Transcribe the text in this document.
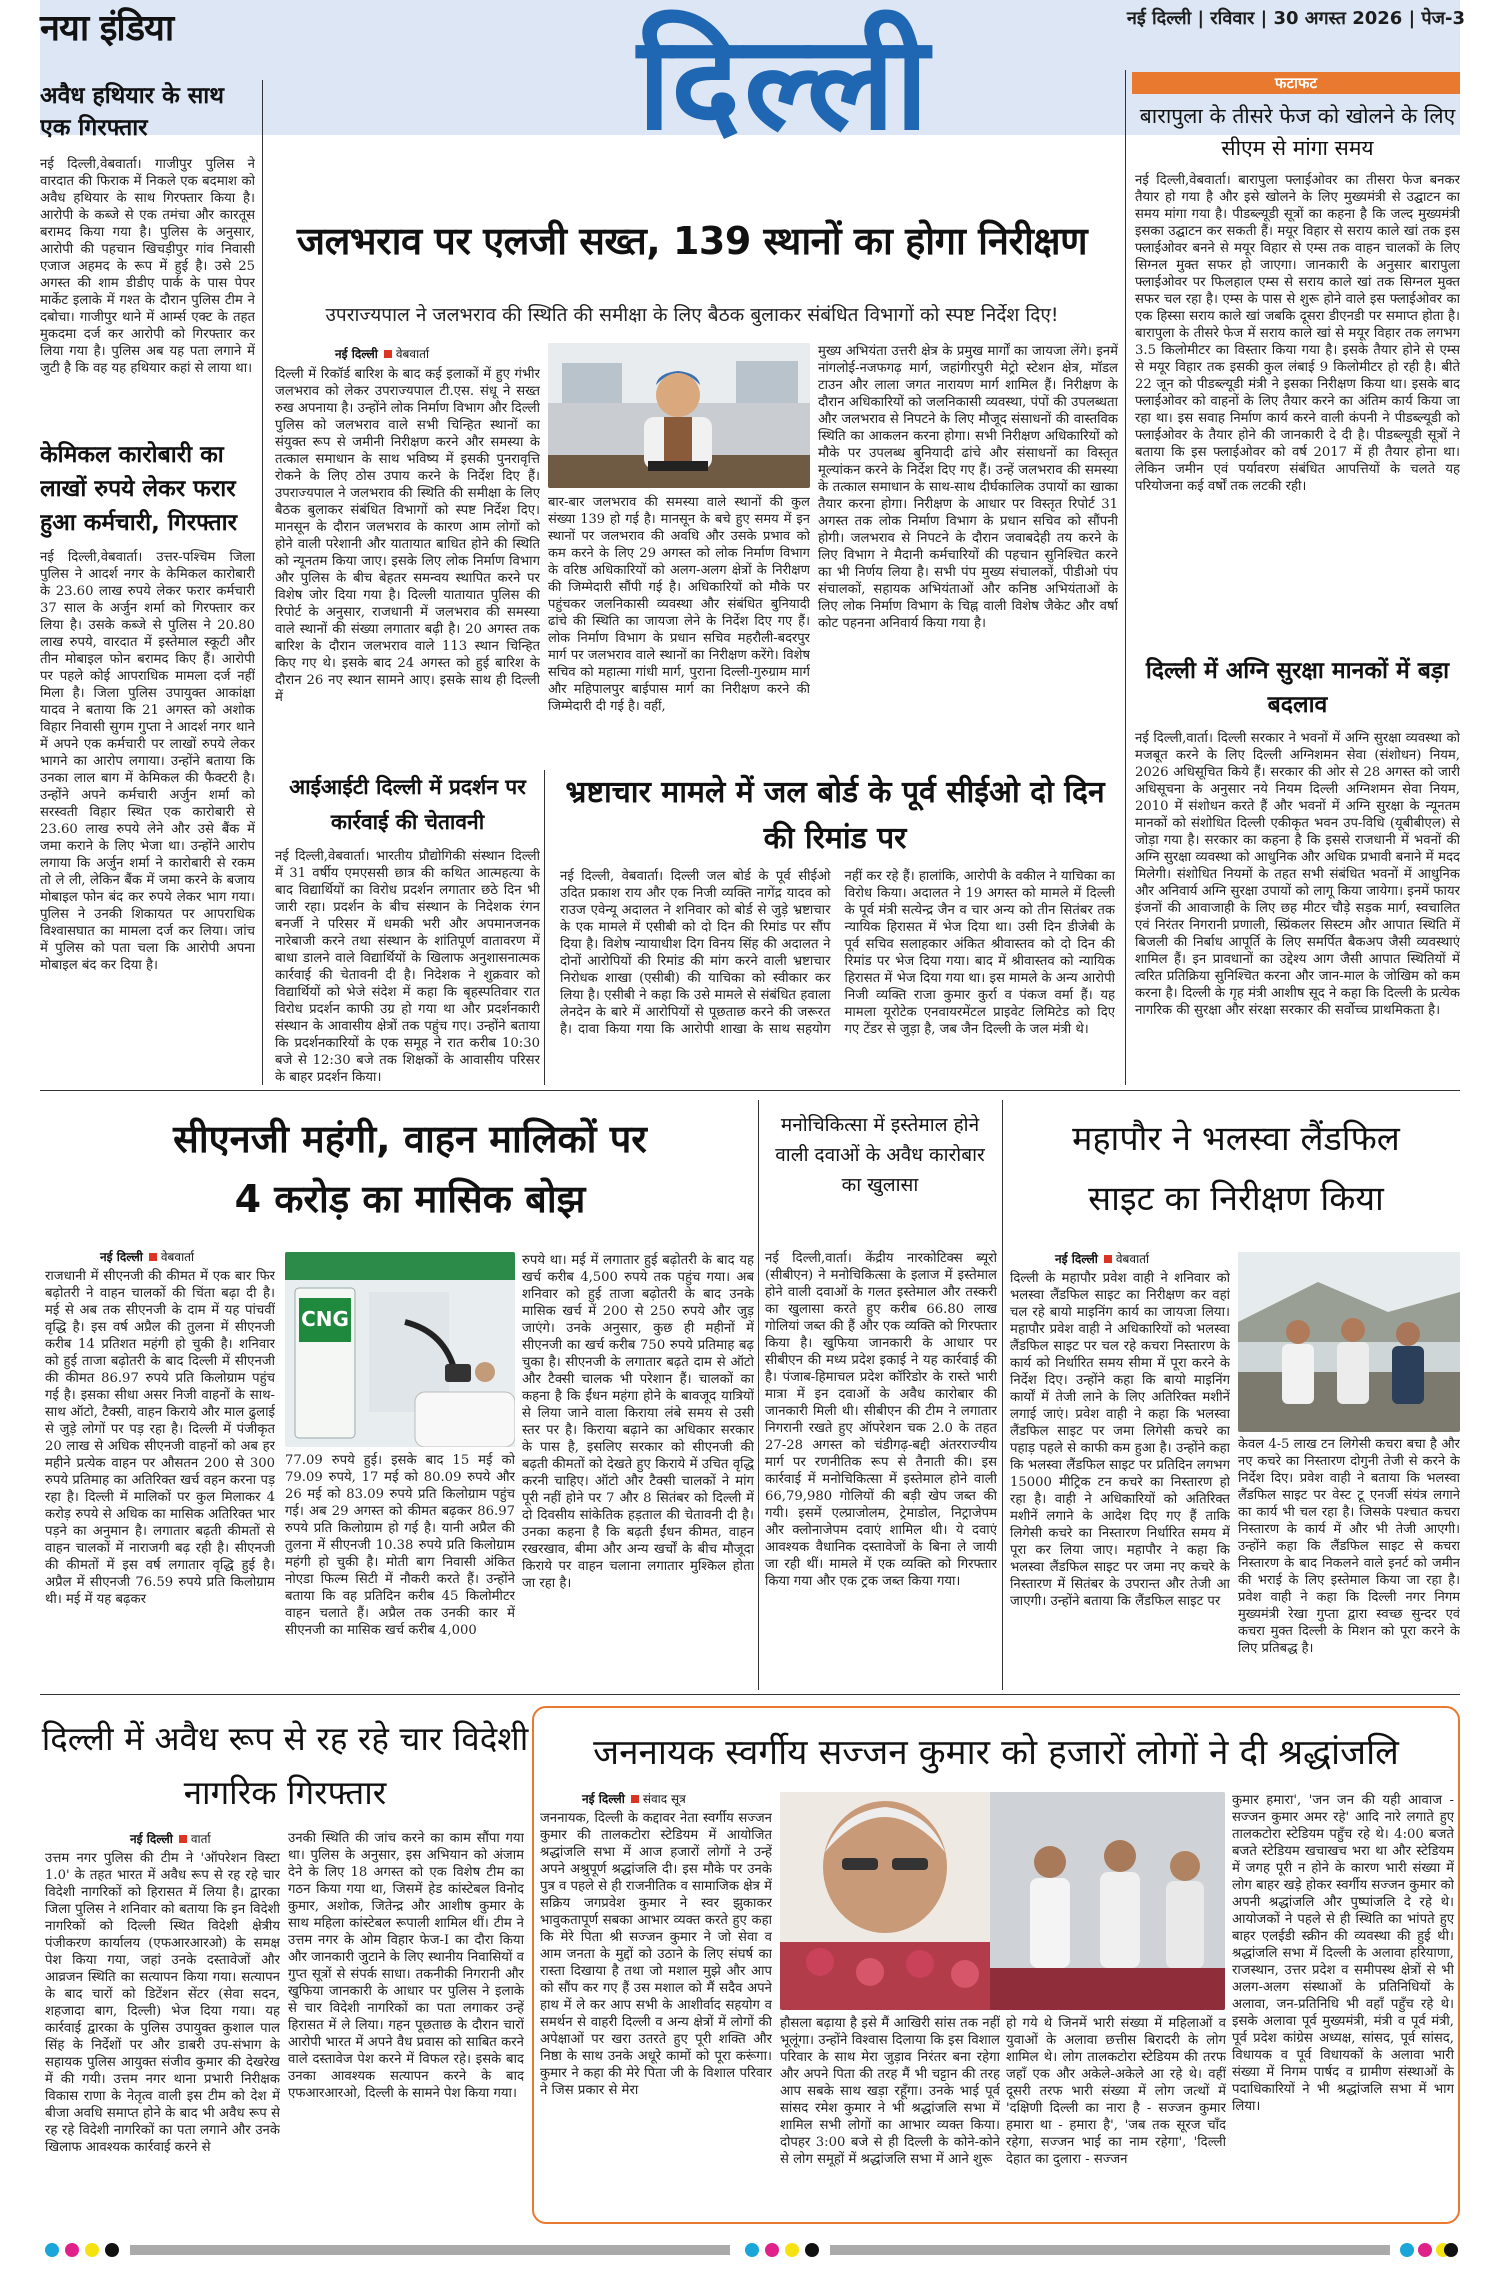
नया इंडिया	नई दिल्ली | रविवार | 30 अगस्त 2026 | पेज-3
दिल्ली
अवैध हथियार के साथ एक गिरफ्तार
नई दिल्ली,वेबवार्ता। गाजीपुर पुलिस ने वारदात की फिराक में निकले एक बदमाश को अवैध हथियार के साथ गिरफ्तार किया है। आरोपी के कब्जे से एक तमंचा और कारतूस बरामद किया गया है। पुलिस के अनुसार, आरोपी की पहचान खिचड़ीपुर गांव निवासी एजाज अहमद के रूप में हुई है। उसे 25 अगस्त की शाम डीडीए पार्क के पास पेपर मार्केट इलाके में गश्त के दौरान पुलिस टीम ने दबोचा। गाजीपुर थाने में आर्म्स एक्ट के तहत मुकदमा दर्ज कर आरोपी को गिरफ्तार कर लिया गया है। पुलिस अब यह पता लगाने में जुटी है कि वह यह हथियार कहां से लाया था।
केमिकल कारोबारी का लाखों रुपये लेकर फरार हुआ कर्मचारी, गिरफ्तार
नई दिल्ली,वेबवार्ता। उत्तर-पश्चिम जिला पुलिस ने आदर्श नगर के केमिकल कारोबारी के 23.60 लाख रुपये लेकर फरार कर्मचारी 37 साल के अर्जुन शर्मा को गिरफ्तार कर लिया है। उसके कब्जे से पुलिस ने 20.80 लाख रुपये, वारदात में इस्तेमाल स्कूटी और तीन मोबाइल फोन बरामद किए हैं। आरोपी पर पहले कोई आपराधिक मामला दर्ज नहीं मिला है। जिला पुलिस उपायुक्त आकांक्षा यादव ने बताया कि 21 अगस्त को अशोक विहार निवासी सुगम गुप्ता ने आदर्श नगर थाने में अपने एक कर्मचारी पर लाखों रुपये लेकर भागने का आरोप लगाया। उन्होंने बताया कि उनका लाल बाग में केमिकल की फैक्टरी है। उन्होंने अपने कर्मचारी अर्जुन शर्मा को सरस्वती विहार स्थित एक कारोबारी से 23.60 लाख रुपये लेने और उसे बैंक में जमा कराने के लिए भेजा था। उन्होंने आरोप लगाया कि अर्जुन शर्मा ने कारोबारी से रकम तो ले ली, लेकिन बैंक में जमा करने के बजाय मोबाइल फोन बंद कर रुपये लेकर भाग गया। पुलिस ने उनकी शिकायत पर आपराधिक विश्वासघात का मामला दर्ज कर लिया। जांच में पुलिस को पता चला कि आरोपी अपना मोबाइल बंद कर दिया है।
जलभराव पर एलजी सख्त, 139 स्थानों का होगा निरीक्षण
उपराज्यपाल ने जलभराव की स्थिति की समीक्षा के लिए बैठक बुलाकर संबंधित विभागों को स्पष्ट निर्देश दिए!
नई दिल्ली वेबवार्ता
दिल्ली में रिकॉर्ड बारिश के बाद कई इलाकों में हुए गंभीर जलभराव को लेकर उपराज्यपाल टी.एस. संधू ने सख्त रुख अपनाया है। उन्होंने लोक निर्माण विभाग और दिल्ली पुलिस को जलभराव वाले सभी चिन्हित स्थानों का संयुक्त रूप से जमीनी निरीक्षण करने और समस्या के तत्काल समाधान के साथ भविष्य में इसकी पुनरावृत्ति रोकने के लिए ठोस उपाय करने के निर्देश दिए हैं। उपराज्यपाल ने जलभराव की स्थिति की समीक्षा के लिए बैठक बुलाकर संबंधित विभागों को स्पष्ट निर्देश दिए। मानसून के दौरान जलभराव के कारण आम लोगों को होने वाली परेशानी और यातायात बाधित होने की स्थिति को न्यूनतम किया जाए। इसके लिए लोक निर्माण विभाग और पुलिस के बीच बेहतर समन्वय स्थापित करने पर विशेष जोर दिया गया है। दिल्ली यातायात पुलिस की रिपोर्ट के अनुसार, राजधानी में जलभराव की समस्या वाले स्थानों की संख्या लगातार बढ़ी है। 20 अगस्त तक बारिश के दौरान जलभराव वाले 113 स्थान चिन्हित किए गए थे। इसके बाद 24 अगस्त को हुई बारिश के दौरान 26 नए स्थान सामने आए। इसके साथ ही दिल्ली में
बार-बार जलभराव की समस्या वाले स्थानों की कुल संख्या 139 हो गई है। मानसून के बचे हुए समय में इन स्थानों पर जलभराव की अवधि और उसके प्रभाव को कम करने के लिए 29 अगस्त को लोक निर्माण विभाग के वरिष्ठ अधिकारियों को अलग-अलग क्षेत्रों के निरीक्षण की जिम्मेदारी सौंपी गई है। अधिकारियों को मौके पर पहुंचकर जलनिकासी व्यवस्था और संबंधित बुनियादी ढांचे की स्थिति का जायजा लेने के निर्देश दिए गए हैं। लोक निर्माण विभाग के प्रधान सचिव महरौली-बदरपुर मार्ग पर जलभराव वाले स्थानों का निरीक्षण करेंगे। विशेष सचिव को महात्मा गांधी मार्ग, पुराना दिल्ली-गुरुग्राम मार्ग और महिपालपुर बाईपास मार्ग का निरीक्षण करने की जिम्मेदारी दी गई है। वहीं,
मुख्य अभियंता उत्तरी क्षेत्र के प्रमुख मार्गों का जायजा लेंगे। इनमें नांगलोई-नजफगढ़ मार्ग, जहांगीरपुरी मेट्रो स्टेशन क्षेत्र, मॉडल टाउन और लाला जगत नारायण मार्ग शामिल हैं। निरीक्षण के दौरान अधिकारियों को जलनिकासी व्यवस्था, पंपों की उपलब्धता और जलभराव से निपटने के लिए मौजूद संसाधनों की वास्तविक स्थिति का आकलन करना होगा। सभी निरीक्षण अधिकारियों को मौके पर उपलब्ध बुनियादी ढांचे और संसाधनों का विस्तृत मूल्यांकन करने के निर्देश दिए गए हैं। उन्हें जलभराव की समस्या के तत्काल समाधान के साथ-साथ दीर्घकालिक उपायों का खाका तैयार करना होगा। निरीक्षण के आधार पर विस्तृत रिपोर्ट 31 अगस्त तक लोक निर्माण विभाग के प्रधान सचिव को सौंपनी होगी। जलभराव से निपटने के दौरान जवाबदेही तय करने के लिए विभाग ने मैदानी कर्मचारियों की पहचान सुनिश्चित करने का भी निर्णय लिया है। सभी पंप मुख्य संचालकों, पीडीओ पंप संचालकों, सहायक अभियंताओं और कनिष्ठ अभियंताओं के लिए लोक निर्माण विभाग के चिह्न वाली विशेष जैकेट और वर्षा कोट पहनना अनिवार्य किया गया है।
आईआईटी दिल्ली में प्रदर्शन पर कार्रवाई की चेतावनी
नई दिल्ली,वेबवार्ता। भारतीय प्रौद्योगिकी संस्थान दिल्ली में 31 वर्षीय एमएससी छात्र की कथित आत्महत्या के बाद विद्यार्थियों का विरोध प्रदर्शन लगातार छठे दिन भी जारी रहा। प्रदर्शन के बीच संस्थान के निदेशक रंगन बनर्जी ने परिसर में धमकी भरी और अपमानजनक नारेबाजी करने तथा संस्थान के शांतिपूर्ण वातावरण में बाधा डालने वाले विद्यार्थियों के खिलाफ अनुशासनात्मक कार्रवाई की चेतावनी दी है। निदेशक ने शुक्रवार को विद्यार्थियों को भेजे संदेश में कहा कि बृहस्पतिवार रात विरोध प्रदर्शन काफी उग्र हो गया था और प्रदर्शनकारी संस्थान के आवासीय क्षेत्रों तक पहुंच गए। उन्होंने बताया कि प्रदर्शनकारियों के एक समूह ने रात करीब 10:30 बजे से 12:30 बजे तक शिक्षकों के आवासीय परिसर के बाहर प्रदर्शन किया।
भ्रष्टाचार मामले में जल बोर्ड के पूर्व सीईओ दो दिन की रिमांड पर
नई दिल्ली, वेबवार्ता। दिल्ली जल बोर्ड के पूर्व सीईओ उदित प्रकाश राय और एक निजी व्यक्ति नागेंद्र यादव को राउज एवेन्यू अदालत ने शनिवार को बोर्ड से जुड़े भ्रष्टाचार के एक मामले में एसीबी को दो दिन की रिमांड पर सौंप दिया है। विशेष न्यायाधीश दिग विनय सिंह की अदालत ने दोनों आरोपियों की रिमांड की मांग करने वाली भ्रष्टाचार निरोधक शाखा (एसीबी) की याचिका को स्वीकार कर लिया है। एसीबी ने कहा कि उसे मामले से संबंधित हवाला लेनदेन के बारे में आरोपियों से पूछताछ करने की जरूरत है। दावा किया गया कि आरोपी शाखा के साथ सहयोग नहीं कर रहे हैं। हालांकि, आरोपी के वकील ने याचिका का विरोध किया। अदालत ने 19 अगस्त को मामले में दिल्ली के पूर्व मंत्री सत्येन्द्र जैन व चार अन्य को तीन सितंबर तक न्यायिक हिरासत में भेज दिया था। उसी दिन डीजेबी के पूर्व सचिव सलाहकार अंकित श्रीवास्तव को दो दिन की रिमांड पर भेज दिया गया। बाद में श्रीवास्तव को न्यायिक हिरासत में भेज दिया गया था। इस मामले के अन्य आरोपी निजी व्यक्ति राजा कुमार कुर्रा व पंकज वर्मा हैं। यह मामला यूरोटेक एनवायरमेंटल प्राइवेट लिमिटेड को दिए गए टेंडर से जुड़ा है, जब जैन दिल्ली के जल मंत्री थे।
फटाफट
बारापुला के तीसरे फेज को खोलने के लिए सीएम से मांगा समय
नई दिल्ली,वेबवार्ता। बारापुला फ्लाईओवर का तीसरा फेज बनकर तैयार हो गया है और इसे खोलने के लिए मुख्यमंत्री से उद्घाटन का समय मांगा गया है। पीडब्ल्यूडी सूत्रों का कहना है कि जल्द मुख्यमंत्री इसका उद्घाटन कर सकती हैं। मयूर विहार से सराय काले खां तक इस फ्लाईओवर बनने से मयूर विहार से एम्स तक वाहन चालकों के लिए सिग्नल मुक्त सफर हो जाएगा। जानकारी के अनुसार बारापुला फ्लाईओवर पर फिलहाल एम्स से सराय काले खां तक सिग्नल मुक्त सफर चल रहा है। एम्स के पास से शुरू होने वाले इस फ्लाईओवर का एक हिस्सा सराय काले खां जबकि दूसरा डीएनडी पर समाप्त होता है। बारापुला के तीसरे फेज में सराय काले खां से मयूर विहार तक लगभग 3.5 किलोमीटर का विस्तार किया गया है। इसके तैयार होने से एम्स से मयूर विहार तक इसकी कुल लंबाई 9 किलोमीटर हो रही है। बीते 22 जून को पीडब्ल्यूडी मंत्री ने इसका निरीक्षण किया था। इसके बाद फ्लाईओवर को वाहनों के लिए तैयार करने का अंतिम कार्य किया जा रहा था। इस सवाह निर्माण कार्य करने वाली कंपनी ने पीडब्ल्यूडी को फ्लाईओवर के तैयार होने की जानकारी दे दी है। पीडब्ल्यूडी सूत्रों ने बताया कि इस फ्लाईओवर को वर्ष 2017 में ही तैयार होना था। लेकिन जमीन एवं पर्यावरण संबंधित आपत्तियों के चलते यह परियोजना कई वर्षों तक लटकी रही।
दिल्ली में अग्नि सुरक्षा मानकों में बड़ा बदलाव
नई दिल्ली,वार्ता। दिल्ली सरकार ने भवनों में अग्नि सुरक्षा व्यवस्था को मजबूत करने के लिए दिल्ली अग्निशमन सेवा (संशोधन) नियम, 2026 अधिसूचित किये हैं। सरकार की ओर से 28 अगस्त को जारी अधिसूचना के अनुसार नये नियम दिल्ली अग्निशमन सेवा नियम, 2010 में संशोधन करते हैं और भवनों में अग्नि सुरक्षा के न्यूनतम मानकों को संशोधित दिल्ली एकीकृत भवन उप-विधि (यूबीबीएल) से जोड़ा गया है। सरकार का कहना है कि इससे राजधानी में भवनों की अग्नि सुरक्षा व्यवस्था को आधुनिक और अधिक प्रभावी बनाने में मदद मिलेगी। संशोधित नियमों के तहत सभी संबंधित भवनों में आधुनिक और अनिवार्य अग्नि सुरक्षा उपायों को लागू किया जायेगा। इनमें फायर इंजनों की आवाजाही के लिए छह मीटर चौड़े सड़क मार्ग, स्वचालित एवं निरंतर निगरानी प्रणाली, स्प्रिंकलर सिस्टम और आपात स्थिति में बिजली की निर्बाध आपूर्ति के लिए समर्पित बैकअप जैसी व्यवस्थाएं शामिल हैं। इन प्रावधानों का उद्देश्य आग जैसी आपात स्थितियों में त्वरित प्रतिक्रिया सुनिश्चित करना और जान-माल के जोखिम को कम करना है। दिल्ली के गृह मंत्री आशीष सूद ने कहा कि दिल्ली के प्रत्येक नागरिक की सुरक्षा और संरक्षा सरकार की सर्वोच्च प्राथमिकता है।
सीएनजी महंगी, वाहन मालिकों पर
4 करोड़ का मासिक बोझ
नई दिल्ली वेबवार्ता
राजधानी में सीएनजी की कीमत में एक बार फिर बढ़ोतरी ने वाहन चालकों की चिंता बढ़ा दी है। मई से अब तक सीएनजी के दाम में यह पांचवीं वृद्धि है। इस वर्ष अप्रैल की तुलना में सीएनजी करीब 14 प्रतिशत महंगी हो चुकी है। शनिवार को हुई ताजा बढ़ोतरी के बाद दिल्ली में सीएनजी की कीमत 86.97 रुपये प्रति किलोग्राम पहुंच गई है। इसका सीधा असर निजी वाहनों के साथ-साथ ऑटो, टैक्सी, वाहन किराये और माल ढुलाई से जुड़े लोगों पर पड़ रहा है। दिल्ली में पंजीकृत 20 लाख से अधिक सीएनजी वाहनों को अब हर महीने प्रत्येक वाहन पर औसतन 200 से 300 रुपये प्रतिमाह का अतिरिक्त खर्च वहन करना पड़ रहा है। दिल्ली में मालिकों पर कुल मिलाकर 4 करोड़ रुपये से अधिक का मासिक अतिरिक्त भार पड़ने का अनुमान है। लगातार बढ़ती कीमतों से वाहन चालकों में नाराजगी बढ़ रही है। सीएनजी की कीमतों में इस वर्ष लगातार वृद्धि हुई है। अप्रैल में सीएनजी 76.59 रुपये प्रति किलोग्राम थी। मई में यह बढ़कर
CNG
77.09 रुपये हुई। इसके बाद 15 मई को 79.09 रुपये, 17 मई को 80.09 रुपये और 26 मई को 83.09 रुपये प्रति किलोग्राम पहुंच गई। अब 29 अगस्त को कीमत बढ़कर 86.97 रुपये प्रति किलोग्राम हो गई है। यानी अप्रैल की तुलना में सीएनजी 10.38 रुपये प्रति किलोग्राम महंगी हो चुकी है। मोती बाग निवासी अंकित नोएडा फिल्म सिटी में नौकरी करते हैं। उन्होंने बताया कि वह प्रतिदिन करीब 45 किलोमीटर वाहन चलाते हैं। अप्रैल तक उनकी कार में सीएनजी का मासिक खर्च करीब 4,000
रुपये था। मई में लगातार हुई बढ़ोतरी के बाद यह खर्च करीब 4,500 रुपये तक पहुंच गया। अब शनिवार को हुई ताजा बढ़ोतरी के बाद उनके मासिक खर्च में 200 से 250 रुपये और जुड़ जाएंगे। उनके अनुसार, कुछ ही महीनों में सीएनजी का खर्च करीब 750 रुपये प्रतिमाह बढ़ चुका है। सीएनजी के लगातार बढ़ते दाम से ऑटो और टैक्सी चालक भी परेशान हैं। चालकों का कहना है कि ईंधन महंगा होने के बावजूद यात्रियों से लिया जाने वाला किराया लंबे समय से उसी स्तर पर है। किराया बढ़ाने का अधिकार सरकार के पास है, इसलिए सरकार को सीएनजी की बढ़ती कीमतों को देखते हुए किराये में उचित वृद्धि करनी चाहिए। ऑटो और टैक्सी चालकों ने मांग पूरी नहीं होने पर 7 और 8 सितंबर को दिल्ली में दो दिवसीय सांकेतिक हड़ताल की चेतावनी दी है। उनका कहना है कि बढ़ती ईंधन कीमत, वाहन रखरखाव, बीमा और अन्य खर्चों के बीच मौजूदा किराये पर वाहन चलाना लगातार मुश्किल होता जा रहा है।
मनोचिकित्सा में इस्तेमाल होने वाली दवाओं के अवैध कारोबार का खुलासा
नई दिल्ली,वार्ता। केंद्रीय नारकोटिक्स ब्यूरो (सीबीएन) ने मनोचिकित्सा के इलाज में इस्तेमाल होने वाली दवाओं के गलत इस्तेमाल और तस्करी का खुलासा करते हुए करीब 66.80 लाख गोलियां जब्त की हैं और एक व्यक्ति को गिरफ्तार किया है। खुफिया जानकारी के आधार पर सीबीएन की मध्य प्रदेश इकाई ने यह कार्रवाई की है। पंजाब-हिमाचल प्रदेश कॉरिडोर के रास्ते भारी मात्रा में इन दवाओं के अवैध कारोबार की जानकारी मिली थी। सीबीएन की टीम ने लगातार निगरानी रखते हुए ऑपरेशन चक 2.0 के तहत 27-28 अगस्त को चंडीगढ़-बद्दी अंतरराज्यीय मार्ग पर रणनीतिक रूप से तैनाती की। इस कार्रवाई में मनोचिकित्सा में इस्तेमाल होने वाली 66,79,980 गोलियों की बड़ी खेप जब्त की गयी। इसमें एल्प्राजोलम, ट्रेमाडोल, निट्राजेपम और क्लोनाजेपम दवाएं शामिल थी। ये दवाएं आवश्यक वैधानिक दस्तावेजों के बिना ले जायी जा रही थीं। मामले में एक व्यक्ति को गिरफ्तार किया गया और एक ट्रक जब्त किया गया।
महापौर ने भलस्वा लैंडफिल
साइट का निरीक्षण किया
नई दिल्ली वेबवार्ता
दिल्ली के महापौर प्रवेश वाही ने शनिवार को भलस्वा लैंडफिल साइट का निरीक्षण कर वहां चल रहे बायो माइनिंग कार्य का जायजा लिया। महापौर प्रवेश वाही ने अधिकारियों को भलस्वा लैंडफिल साइट पर चल रहे कचरा निस्तारण के कार्य को निर्धारित समय सीमा में पूरा करने के निर्देश दिए। उन्होंने कहा कि बायो माइनिंग कार्यों में तेजी लाने के लिए अतिरिक्त मशीनें लगाई जाएं। प्रवेश वाही ने कहा कि भलस्वा लैंडफिल साइट पर जमा लिगेसी कचरे का पहाड़ पहले से काफी कम हुआ है। उन्होंने कहा कि भलस्वा लैंडफिल साइट पर प्रतिदिन लगभग 15000 मीट्रिक टन कचरे का निस्तारण हो रहा है। वाही ने अधिकारियों को अतिरिक्त मशीनें लगाने के आदेश दिए गए हैं ताकि लिगेसी कचरे का निस्तारण निर्धारित समय में पूरा कर लिया जाए। महापौर ने कहा कि भलस्वा लैंडफिल साइट पर जमा नए कचरे के निस्तारण में सितंबर के उपरान्त और तेजी आ जाएगी। उन्होंने बताया कि लैंडफिल साइट पर
केवल 4-5 लाख टन लिगेसी कचरा बचा है और नए कचरे का निस्तारण दोगुनी तेजी से करने के निर्देश दिए। प्रवेश वाही ने बताया कि भलस्वा लैंडफिल साइट पर वेस्ट टू एनर्जी संयंत्र लगाने का कार्य भी चल रहा है। जिसके पश्चात कचरा निस्तारण के कार्य में और भी तेजी आएगी। उन्होंने कहा कि लैंडफिल साइट से कचरा निस्तारण के बाद निकलने वाले इनर्ट को जमीन की भराई के लिए इस्तेमाल किया जा रहा है। प्रवेश वाही ने कहा कि दिल्ली नगर निगम मुख्यमंत्री रेखा गुप्ता द्वारा स्वच्छ सुन्दर एवं कचरा मुक्त दिल्ली के मिशन को पूरा करने के लिए प्रतिबद्ध है।
दिल्ली में अवैध रूप से रह रहे चार विदेशी नागरिक गिरफ्तार
नई दिल्ली वार्ता
उत्तम नगर पुलिस की टीम ने 'ऑपरेशन विस्टा 1.0' के तहत भारत में अवैध रूप से रह रहे चार विदेशी नागरिकों को हिरासत में लिया है। द्वारका जिला पुलिस ने शनिवार को बताया कि इन विदेशी नागरिकों को दिल्ली स्थित विदेशी क्षेत्रीय पंजीकरण कार्यालय (एफआरआरओ) के समक्ष पेश किया गया, जहां उनके दस्तावेजों और आव्रजन स्थिति का सत्यापन किया गया। सत्यापन के बाद चारों को डिटेंशन सेंटर (सेवा सदन, शहजादा बाग, दिल्ली) भेज दिया गया। यह कार्रवाई द्वारका के पुलिस उपायुक्त कुशाल पाल सिंह के निर्देशों पर और डाबरी उप-संभाग के सहायक पुलिस आयुक्त संजीव कुमार की देखरेख में की गयी। उत्तम नगर थाना प्रभारी निरीक्षक विकास राणा के नेतृत्व वाली इस टीम को देश में बीजा अवधि समाप्त होने के बाद भी अवैध रूप से रह रहे विदेशी नागरिकों का पता लगाने और उनके खिलाफ आवश्यक कार्रवाई करने से
उनकी स्थिति की जांच करने का काम सौंपा गया था। पुलिस के अनुसार, इस अभियान को अंजाम देने के लिए 18 अगस्त को एक विशेष टीम का गठन किया गया था, जिसमें हेड कांस्टेबल विनोद कुमार, अशोक, जितेन्द्र और आशीष कुमार के साथ महिला कांस्टेबल रूपाली शामिल थीं। टीम ने उत्तम नगर के ओम विहार फेज-I का दौरा किया और जानकारी जुटाने के लिए स्थानीय निवासियों व गुप्त सूत्रों से संपर्क साधा। तकनीकी निगरानी और खुफिया जानकारी के आधार पर पुलिस ने इलाके से चार विदेशी नागरिकों का पता लगाकर उन्हें हिरासत में ले लिया। गहन पूछताछ के दौरान चारों आरोपी भारत में अपने वैध प्रवास को साबित करने वाले दस्तावेज पेश करने में विफल रहे। इसके बाद उनका आवश्यक सत्यापन करने के बाद एफआरआरओ, दिल्ली के सामने पेश किया गया।
जननायक स्वर्गीय सज्जन कुमार को हजारों लोगों ने दी श्रद्धांजलि
नई दिल्ली संवाद सूत्र
जननायक, दिल्ली के कद्दावर नेता स्वर्गीय सज्जन कुमार की तालकटोरा स्टेडियम में आयोजित श्रद्धांजलि सभा में आज हजारों लोगों ने उन्हें अपने अश्रुपूर्ण श्रद्धांजलि दी। इस मौके पर उनके पुत्र व पहले से ही राजनीतिक व सामाजिक क्षेत्र में सक्रिय जगप्रवेश कुमार ने स्वर झुकाकर भावुकतापूर्ण सबका आभार व्यक्त करते हुए कहा कि मेरे पिता श्री सज्जन कुमार ने जो सेवा व आम जनता के मुद्दों को उठाने के लिए संघर्ष का रास्ता दिखाया है तथा जो मशाल मुझे और आप को सौंप कर गए हैं उस मशाल को मैं सदैव अपने हाथ में ले कर आप सभी के आशीर्वाद सहयोग व समर्थन से वाहरी दिल्ली व अन्य क्षेत्रों में लोगों की अपेक्षाओं पर खरा उतरते हुए पूरी शक्ति और निष्ठा के साथ उनके अधूरे कामों को पूरा करूंगा। कुमार ने कहा की मेरे पिता जी के विशाल परिवार ने जिस प्रकार से मेरा
हौसला बढ़ाया है इसे मैं आखिरी सांस तक नहीं भूलूंगा। उन्होंने विश्वास दिलाया कि इस विशाल परिवार के साथ मेरा जुड़ाव निरंतर बना रहेगा और अपने पिता की तरह मैं भी चट्टान की तरह आप सबके साथ खड़ा रहूँगा। उनके भाई पूर्व सांसद रमेश कुमार ने भी श्रद्धांजलि सभा में शामिल सभी लोगों का आभार व्यक्त किया। दोपहर 3:00 बजे से ही दिल्ली के कोने-कोने से लोग समूहों में श्रद्धांजलि सभा में आने शुरू
हो गये थे जिनमें भारी संख्या में महिलाओं व युवाओं के अलावा छत्तीस बिरादरी के लोग शामिल थे। लोग तालकटोरा स्टेडियम की तरफ जहाँ एक और अकेले-अकेले आ रहे थे। वहीं दूसरी तरफ भारी संख्या में लोग जत्थों में 'दक्षिणी दिल्ली का नारा है - सज्जन कुमार हमारा था - हमारा है', 'जब तक सूरज चाँद रहेगा, सज्जन भाई का नाम रहेगा', 'दिल्ली देहात का दुलारा - सज्जन
कुमार हमारा', 'जन जन की यही आवाज - सज्जन कुमार अमर रहे' आदि नारे लगाते हुए तालकटोरा स्टेडियम पहुँच रहे थे। 4:00 बजते बजते स्टेडियम खचाखच भरा था और स्टेडियम में जगह पूरी न होने के कारण भारी संख्या में लोग बाहर खड़े होकर स्वर्गीय सज्जन कुमार को अपनी श्रद्धांजलि और पुष्पांजलि दे रहे थे। आयोजकों ने पहले से ही स्थिति का भांपते हुए बाहर एलईडी स्क्रीन की व्यवस्था की हुई थी। श्रद्धांजलि सभा में दिल्ली के अलावा हरियाणा, राजस्थान, उत्तर प्रदेश व समीपस्थ क्षेत्रों से भी अलग-अलग संस्थाओं के प्रतिनिधियों के अलावा, जन-प्रतिनिधि भी वहाँ पहुँच रहे थे। इसके अलावा पूर्व मुख्यमंत्री, मंत्री व पूर्व मंत्री, पूर्व प्रदेश कांग्रेस अध्यक्ष, सांसद, पूर्व सांसद, विधायक व पूर्व विधायकों के अलावा भारी संख्या में निगम पार्षद व ग्रामीण संस्थाओं के पदाधिकारियों ने भी श्रद्धांजलि सभा में भाग लिया।
